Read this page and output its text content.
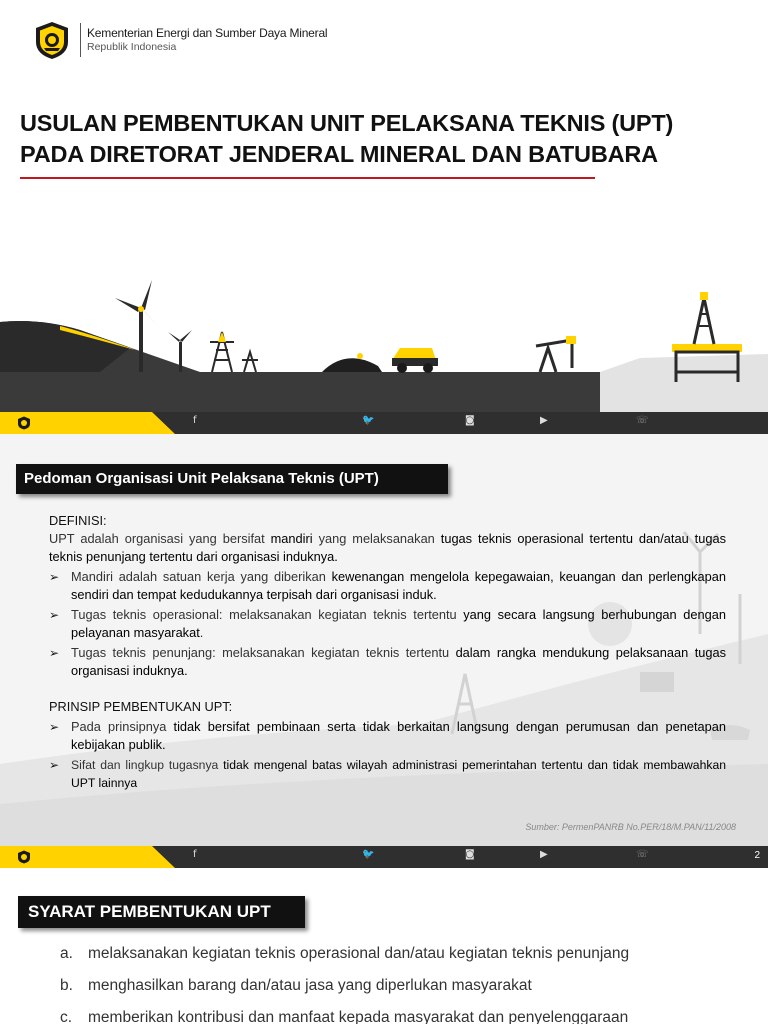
Kementerian Energi dan Sumber Daya Mineral
Republik Indonesia
USULAN PEMBENTUKAN UNIT PELAKSANA TEKNIS (UPT)
PADA DIRETORAT JENDERAL MINERAL DAN BATUBARA
f	🐦	◙	▶	☏
Pedoman Organisasi Unit Pelaksana Teknis (UPT)
DEFINISI:

UPT adalah organisasi yang bersifat mandiri yang melaksanakan tugas teknis operasional tertentu dan/atau tugas teknis penunjang tertentu dari organisasi induknya.

➢ Mandiri adalah satuan kerja yang diberikan kewenangan mengelola kepegawaian, keuangan dan perlengkapan sendiri dan tempat kedudukannya terpisah dari organisasi induk.
➢ Tugas teknis operasional: melaksanakan kegiatan teknis tertentu yang secara langsung berhubungan dengan pelayanan masyarakat.
➢ Tugas teknis penunjang: melaksanakan kegiatan teknis tertentu dalam rangka mendukung pelaksanaan tugas organisasi induknya.
PRINSIP PEMBENTUKAN UPT:
➢ Pada prinsipnya tidak bersifat pembinaan serta tidak berkaitan langsung dengan perumusan dan penetapan kebijakan publik.
➢ Sifat dan lingkup tugasnya tidak mengenal batas wilayah administrasi pemerintahan tertentu dan tidak membawahkan UPT lainnya
Sumber: PermenPANRB No.PER/18/M.PAN/11/2008
f	🐦	◙	▶	☏	2
SYARAT PEMBENTUKAN UPT
a. melaksanakan kegiatan teknis operasional dan/atau kegiatan teknis penunjang
b. menghasilkan barang dan/atau jasa yang diperlukan masyarakat
c. memberikan kontribusi dan manfaat kepada masyarakat dan penyelenggaraan
